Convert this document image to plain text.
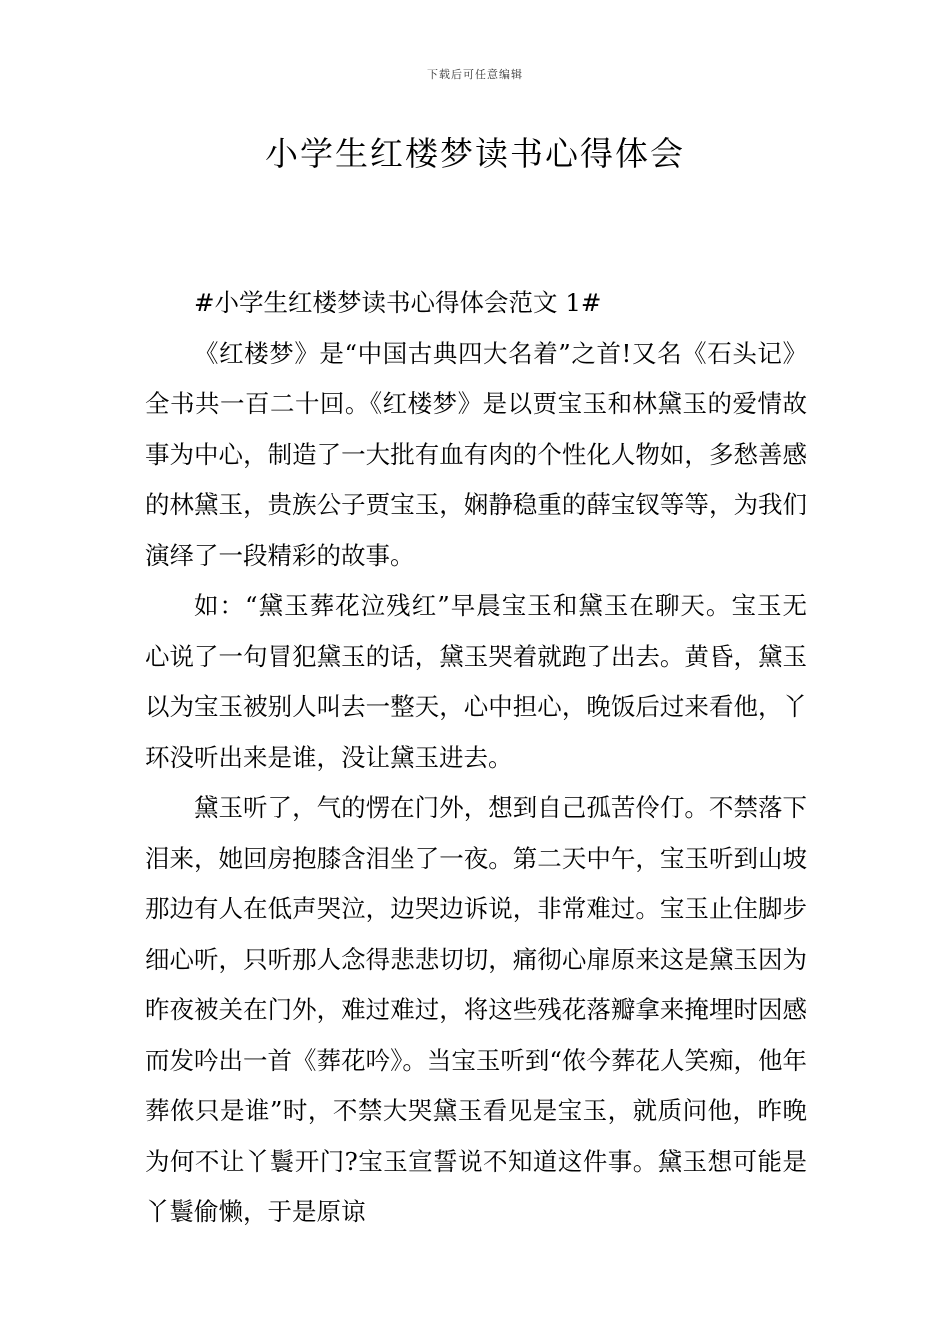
下载后可任意编辑
小学生红楼梦读书心得体会
#小学生红楼梦读书心得体会范文 1#

《红楼梦》是“中国古典四大名着”之首!又名《石头记》全书共一百二十回。《红楼梦》是以贾宝玉和林黛玉的爱情故事为中心，制造了一大批有血有肉的个性化人物如，多愁善感的林黛玉，贵族公子贾宝玉，娴静稳重的薛宝钗等等，为我们演绎了一段精彩的故事。

如：“黛玉葬花泣残红”早晨宝玉和黛玉在聊天。宝玉无心说了一句冒犯黛玉的话，黛玉哭着就跑了出去。黄昏，黛玉以为宝玉被别人叫去一整天，心中担心，晚饭后过来看他，丫环没听出来是谁，没让黛玉进去。

黛玉听了，气的愣在门外，想到自己孤苦伶仃。不禁落下泪来，她回房抱膝含泪坐了一夜。第二天中午，宝玉听到山坡那边有人在低声哭泣，边哭边诉说，非常难过。宝玉止住脚步细心听，只听那人念得悲悲切切，痛彻心扉原来这是黛玉因为昨夜被关在门外，难过难过，将这些残花落瓣拿来掩埋时因感而发吟出一首《葬花吟》。当宝玉听到“侬今葬花人笑痴，他年葬侬只是谁”时，不禁大哭黛玉看见是宝玉，就质问他，昨晚为何不让丫鬟开门?宝玉宣誓说不知道这件事。黛玉想可能是丫鬟偷懒，于是原谅
